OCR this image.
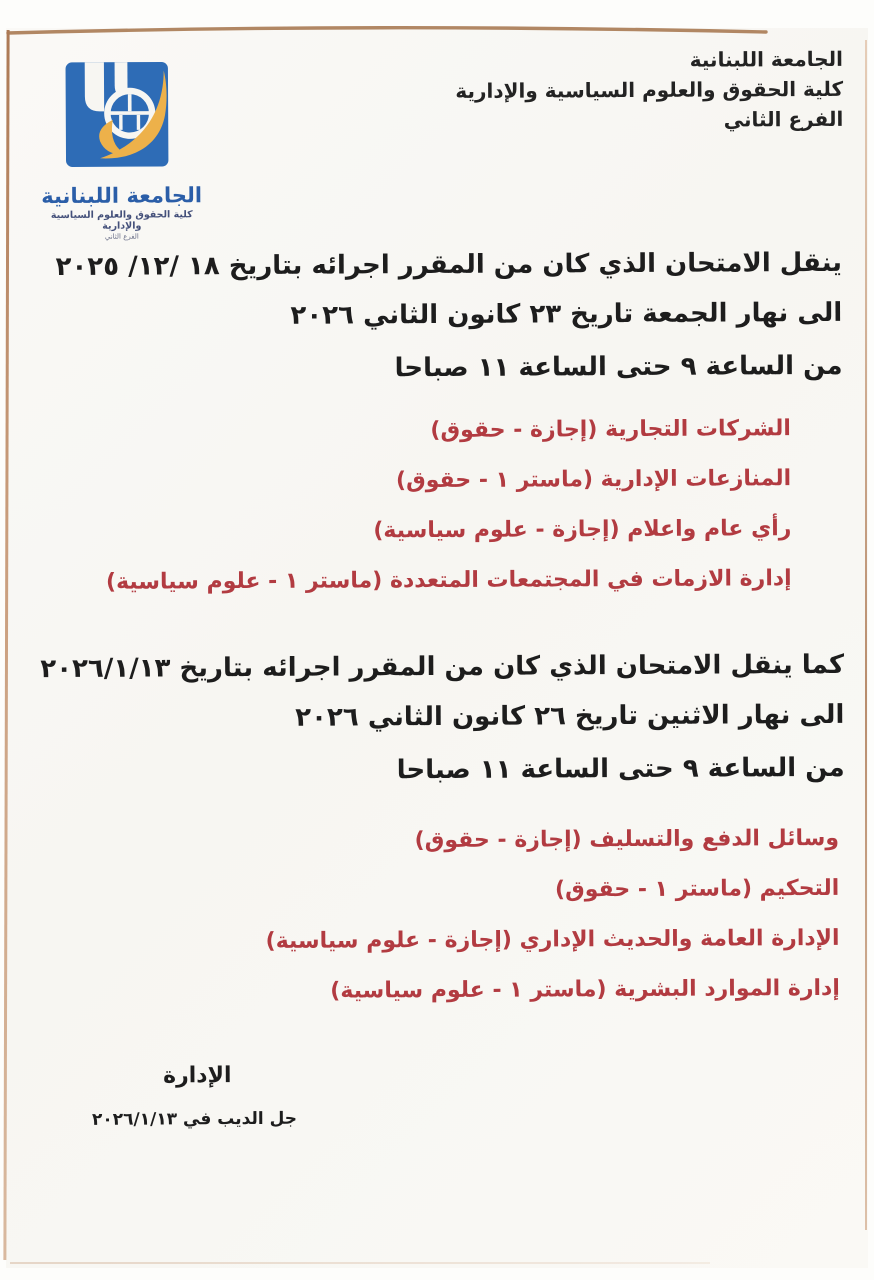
الجامعة اللبنانية
كلية الحقوق والعلوم السياسية والإدارية
الفرع الثاني
الجامعة اللبنانية
كلية الحقوق والعلوم السياسية والإدارية
الفرع الثاني
ينقل الامتحان الذي كان من المقرر اجرائه بتاريخ ١٨ /١٢/ ٢٠٢٥
الى نهار الجمعة تاريخ ٢٣ كانون الثاني ٢٠٢٦
من الساعة ٩ حتى الساعة ١١ صباحا
الشركات التجارية (إجازة - حقوق)
المنازعات الإدارية (ماستر ١ - حقوق)
رأي عام واعلام (إجازة - علوم سياسية)
إدارة الازمات في المجتمعات المتعددة (ماستر ١ - علوم سياسية)
كما ينقل الامتحان الذي كان من المقرر اجرائه بتاريخ ٢٠٢٦/١/١٣
الى نهار الاثنين تاريخ ٢٦ كانون الثاني ٢٠٢٦
من الساعة ٩ حتى الساعة ١١ صباحا
وسائل الدفع والتسليف (إجازة - حقوق)
التحكيم (ماستر ١ - حقوق)
الإدارة العامة والحديث الإداري (إجازة - علوم سياسية)
إدارة الموارد البشرية (ماستر ١ - علوم سياسية)
الإدارة
جل الديب في ٢٠٢٦/١/١٣
